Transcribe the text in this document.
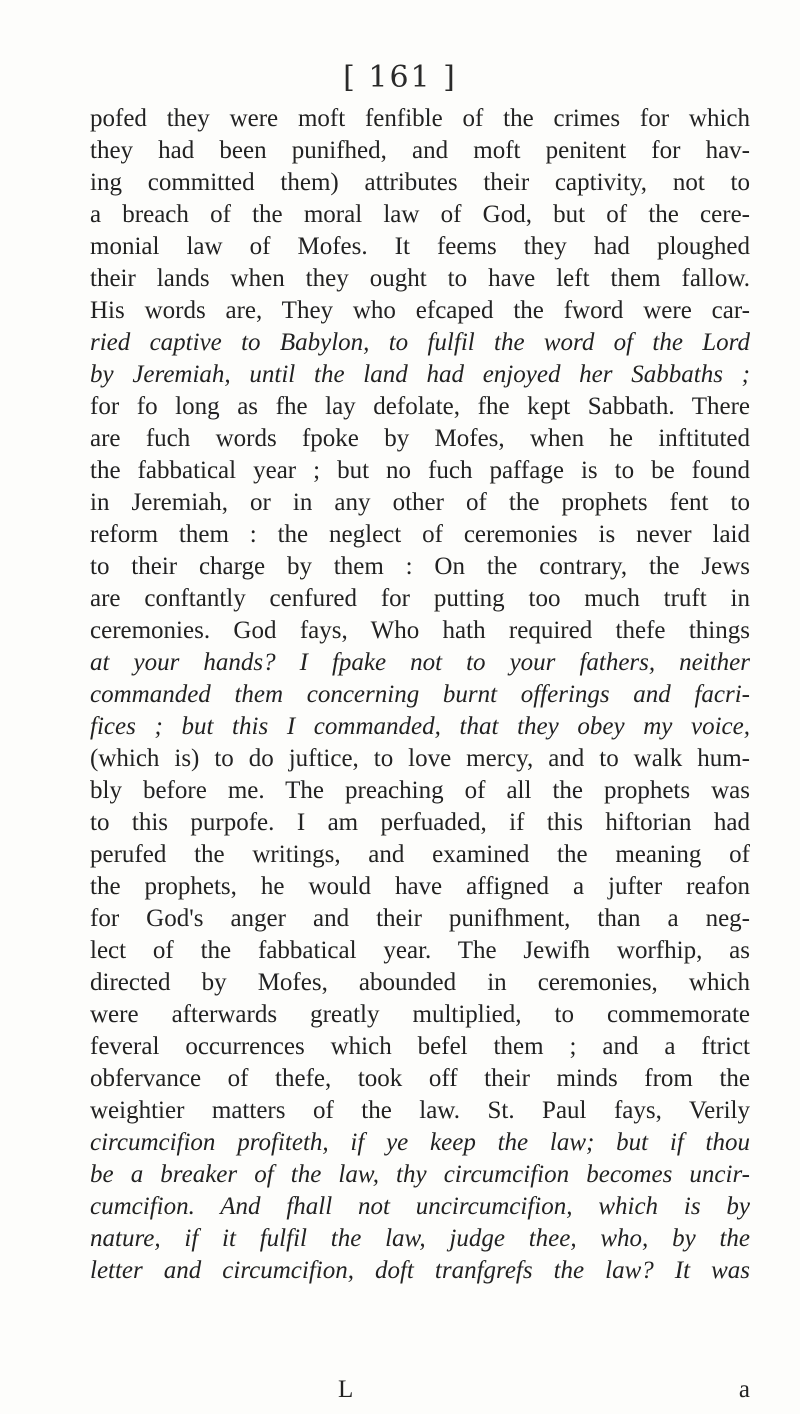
[ 161 ]
pofed they were moft fenfible of the crimes for which
they had been punifhed, and moft penitent for hav-
ing committed them) attributes their captivity, not to
a breach of the moral law of God, but of the cere-
monial law of Mofes. It feems they had ploughed
their lands when they ought to have left them fallow.
His words are, They who efcaped the fword were car-
ried captive to Babylon, to fulfil the word of the Lord
by Jeremiah, until the land had enjoyed her Sabbaths ;
for fo long as fhe lay defolate, fhe kept Sabbath. There
are fuch words fpoke by Mofes, when he inftituted
the fabbatical year ; but no fuch paffage is to be found
in Jeremiah, or in any other of the prophets fent to
reform them : the neglect of ceremonies is never laid
to their charge by them : On the contrary, the Jews
are conftantly cenfured for putting too much truft in
ceremonies. God fays, Who hath required thefe things
at your hands? I fpake not to your fathers, neither
commanded them concerning burnt offerings and facri-
fices ; but this I commanded, that they obey my voice,
(which is) to do juftice, to love mercy, and to walk hum-
bly before me. The preaching of all the prophets was
to this purpofe. I am perfuaded, if this hiftorian had
perufed the writings, and examined the meaning of
the prophets, he would have affigned a jufter reafon
for God's anger and their punifhment, than a neg-
lect of the fabbatical year. The Jewifh worfhip, as
directed by Mofes, abounded in ceremonies, which
were afterwards greatly multiplied, to commemorate
feveral occurrences which befel them ; and a ftrict
obfervance of thefe, took off their minds from the
weightier matters of the law. St. Paul fays, Verily
circumcifion profiteth, if ye keep the law; but if thou
be a breaker of the law, thy circumcifion becomes uncir-
cumcifion. And fhall not uncircumcifion, which is by
nature, if it fulfil the law, judge thee, who, by the
letter and circumcifion, doft tranfgrefs the law? It was
L	a
